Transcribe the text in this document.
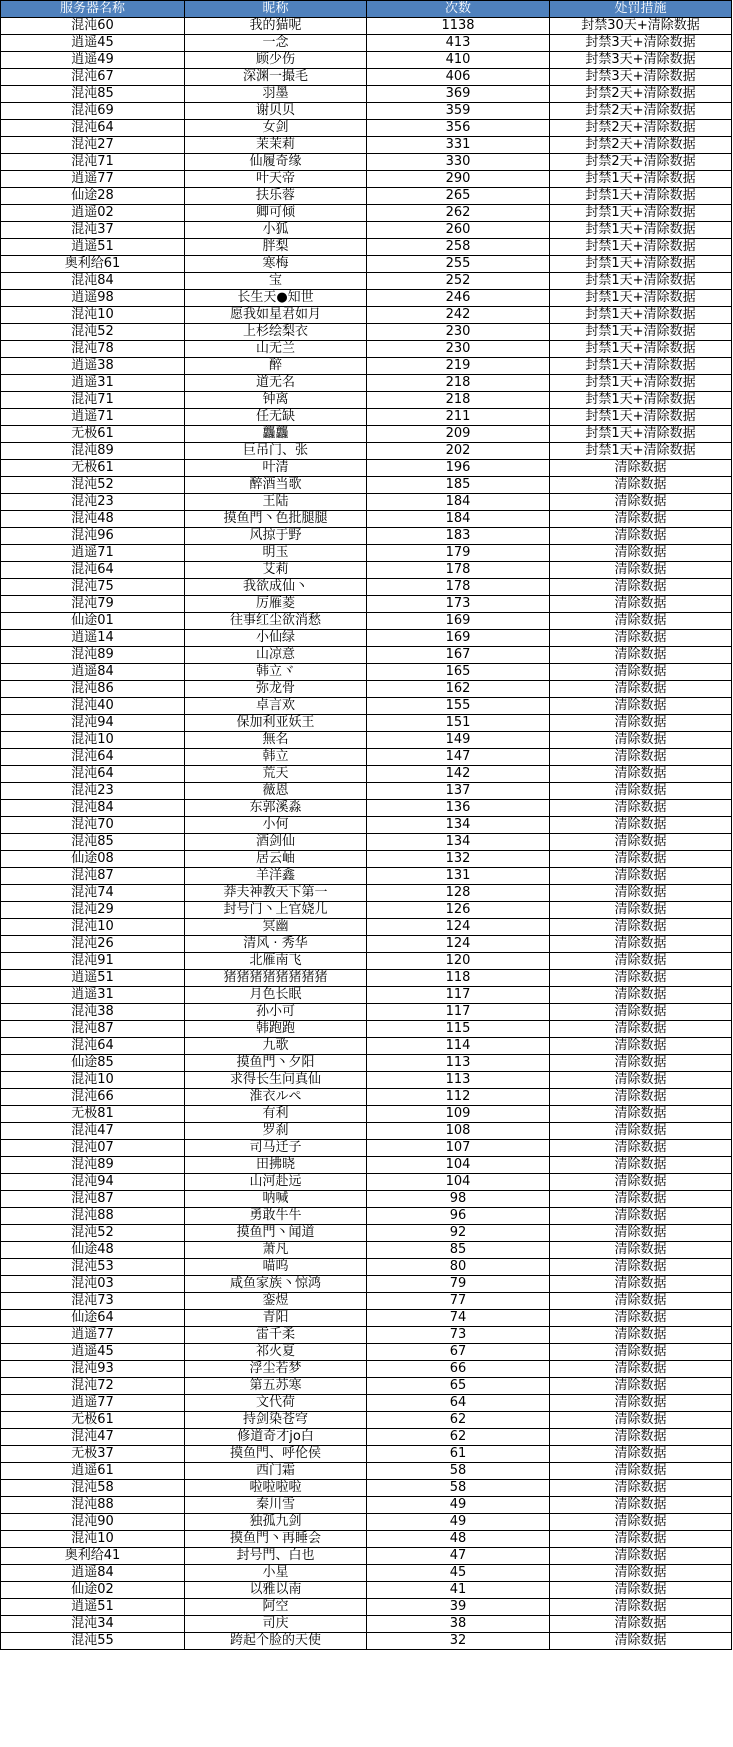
服务器名称	昵称	次数	处罚措施
混沌60	我的猫呢	1138	封禁30天+清除数据
逍遥45	一念	413	封禁3天+清除数据
逍遥49	顾少伤	410	封禁3天+清除数据
混沌67	深渊一撮毛	406	封禁3天+清除数据
混沌85	羽墨	369	封禁2天+清除数据
混沌69	谢贝贝	359	封禁2天+清除数据
混沌64	女剑	356	封禁2天+清除数据
混沌27	茉茉莉	331	封禁2天+清除数据
混沌71	仙履奇缘	330	封禁2天+清除数据
逍遥77	叶天帝	290	封禁1天+清除数据
仙途28	扶乐蓉	265	封禁1天+清除数据
逍遥02	卿可倾	262	封禁1天+清除数据
混沌37	小狐	260	封禁1天+清除数据
逍遥51	胖梨	258	封禁1天+清除数据
奥利给61	寒梅	255	封禁1天+清除数据
混沌84	宝	252	封禁1天+清除数据
逍遥98	长生天●知世	246	封禁1天+清除数据
混沌10	愿我如星君如月	242	封禁1天+清除数据
混沌52	上杉绘梨衣	230	封禁1天+清除数据
混沌78	山无兰	230	封禁1天+清除数据
逍遥38	醉	219	封禁1天+清除数据
逍遥31	道无名	218	封禁1天+清除数据
混沌71	钟离	218	封禁1天+清除数据
逍遥71	任无缺	211	封禁1天+清除数据
无极61	龘龘	209	封禁1天+清除数据
混沌89	巨吊门、张	202	封禁1天+清除数据
无极61	叶清	196	清除数据
混沌52	醉酒当歌	185	清除数据
混沌23	王陆	184	清除数据
混沌48	摸鱼門丶色批腿腿	184	清除数据
混沌96	风掠于野	183	清除数据
逍遥71	明玉	179	清除数据
混沌64	艾莉	178	清除数据
混沌75	我欲成仙丶	178	清除数据
混沌79	厉雁菱	173	清除数据
仙途01	往事红尘欲消愁	169	清除数据
逍遥14	小仙绿	169	清除数据
混沌89	山凉意	167	清除数据
逍遥84	韩立ヾ	165	清除数据
混沌86	弥龙骨	162	清除数据
混沌40	卓言欢	155	清除数据
混沌94	保加利亚妖王	151	清除数据
混沌10	無名	149	清除数据
混沌64	韩立	147	清除数据
混沌64	荒天	142	清除数据
混沌23	薇恩	137	清除数据
混沌84	东郭溪淼	136	清除数据
混沌70	小何	134	清除数据
混沌85	酒剑仙	134	清除数据
仙途08	居云岫	132	清除数据
混沌87	羊洋鑫	131	清除数据
混沌74	莽夫神教天下第一	128	清除数据
混沌29	封号门丶上官娆儿	126	清除数据
混沌10	冥幽	124	清除数据
混沌26	清风 · 秀华	124	清除数据
混沌91	北雁南飞	120	清除数据
逍遥51	猪猪猪猪猪猪猪猪	118	清除数据
逍遥31	月色长眠	117	清除数据
混沌38	孙小可	117	清除数据
混沌87	韩跑跑	115	清除数据
混沌64	九歌	114	清除数据
仙途85	摸鱼門丶夕阳	113	清除数据
混沌10	求得长生问真仙	113	清除数据
混沌66	淮衣ルペ	112	清除数据
无极81	有利	109	清除数据
混沌47	罗刹	108	清除数据
混沌07	司马迁子	107	清除数据
混沌89	田拂晓	104	清除数据
混沌94	山河赴远	104	清除数据
混沌87	呐喊	98	清除数据
混沌88	勇敢牛牛	96	清除数据
混沌52	摸鱼門丶闻道	92	清除数据
仙途48	萧凡	85	清除数据
混沌53	喵呜	80	清除数据
混沌03	咸鱼家族丶惊鸿	79	清除数据
混沌73	銮煜	77	清除数据
仙途64	青阳	74	清除数据
逍遥77	雷千柔	73	清除数据
逍遥45	祁火夏	67	清除数据
混沌93	浮尘若梦	66	清除数据
混沌72	第五苏寒	65	清除数据
逍遥77	文代荷	64	清除数据
无极61	持剑染苍穹	62	清除数据
混沌47	修道奇才jo白	62	清除数据
无极37	摸鱼門、呼伦侯	61	清除数据
逍遥61	西门霜	58	清除数据
混沌58	啦啦啦啦	58	清除数据
混沌88	秦川雪	49	清除数据
混沌90	独孤九剑	49	清除数据
混沌10	摸鱼門丶再睡会	48	清除数据
奥利给41	封号門、白也	47	清除数据
逍遥84	小星	45	清除数据
仙途02	以雅以南	41	清除数据
逍遥51	阿空	39	清除数据
混沌34	司庆	38	清除数据
混沌55	跨起个脸的天使	32	清除数据
